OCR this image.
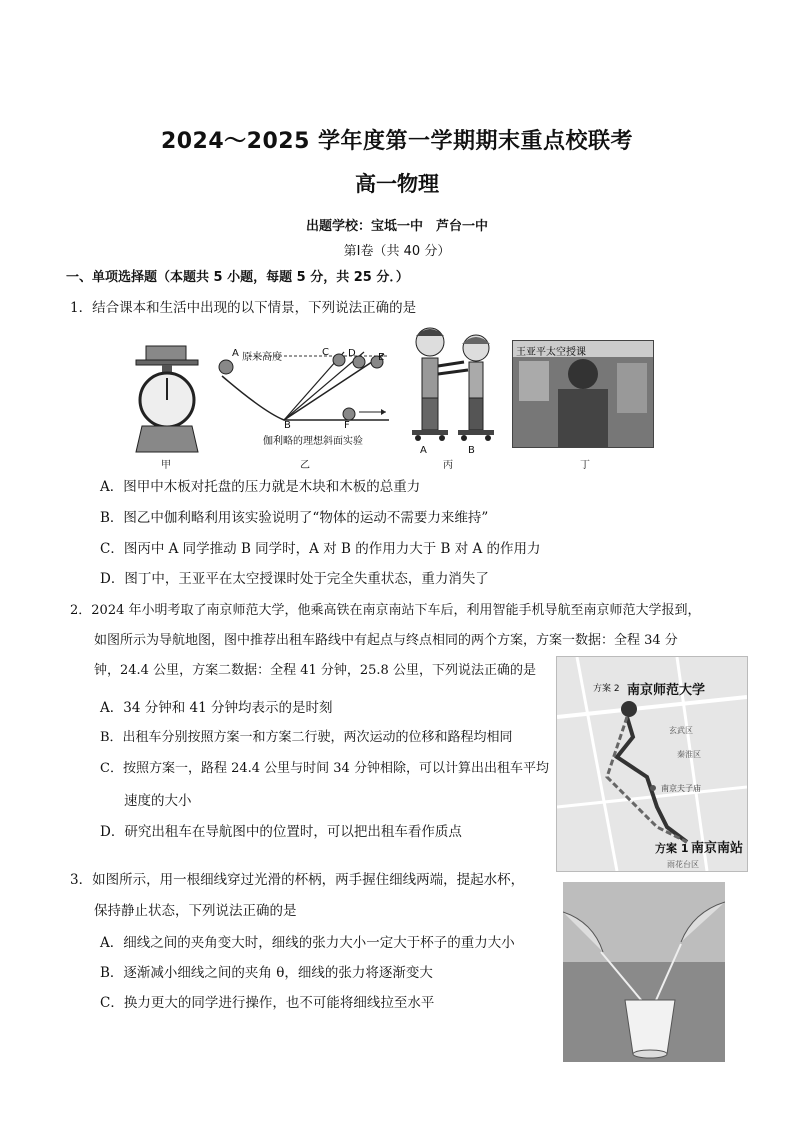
2024～2025 学年度第一学期期末重点校联考
高一物理
出题学校：宝坻一中　芦台一中
第Ⅰ卷（共 40 分）
一、单项选择题（本题共 5 小题，每题 5 分，共 25 分．）
1．结合课本和生活中出现的以下情景，下列说法正确的是
甲
A 原来高度
B
C D E
F
伽利略的理想斜面实验
乙
A	B
丙
王亚平太空授课
丁
A．图甲中木板对托盘的压力就是木块和木板的总重力
B．图乙中伽利略利用该实验说明了“物体的运动不需要力来维持”
C．图丙中 A 同学推动 B 同学时，A 对 B 的作用力大于 B 对 A 的作用力
D．图丁中，王亚平在太空授课时处于完全失重状态，重力消失了
2．2024 年小明考取了南京师范大学，他乘高铁在南京南站下车后，利用智能手机导航至南京师范大学报到，
如图所示为导航地图，图中推荐出租车路线中有起点与终点相同的两个方案，方案一数据：全程 34 分
钟，24.4 公里，方案二数据：全程 41 分钟，25.8 公里，下列说法正确的是
方案 2 南京师范大学
玄武区
秦淮区
南京夫子庙
方案 1 南京南站
雨花台区
A．34 分钟和 41 分钟均表示的是时刻
B．出租车分别按照方案一和方案二行驶，两次运动的位移和路程均相同
C．按照方案一，路程 24.4 公里与时间 34 分钟相除，可以计算出出租车平均
速度的大小
D．研究出租车在导航图中的位置时，可以把出租车看作质点
3．如图所示，用一根细线穿过光滑的杯柄，两手握住细线两端，提起水杯，
保持静止状态，下列说法正确的是
A．细线之间的夹角变大时，细线的张力大小一定大于杯子的重力大小
B．逐渐减小细线之间的夹角 θ，细线的张力将逐渐变大
C．换力更大的同学进行操作，也不可能将细线拉至水平
